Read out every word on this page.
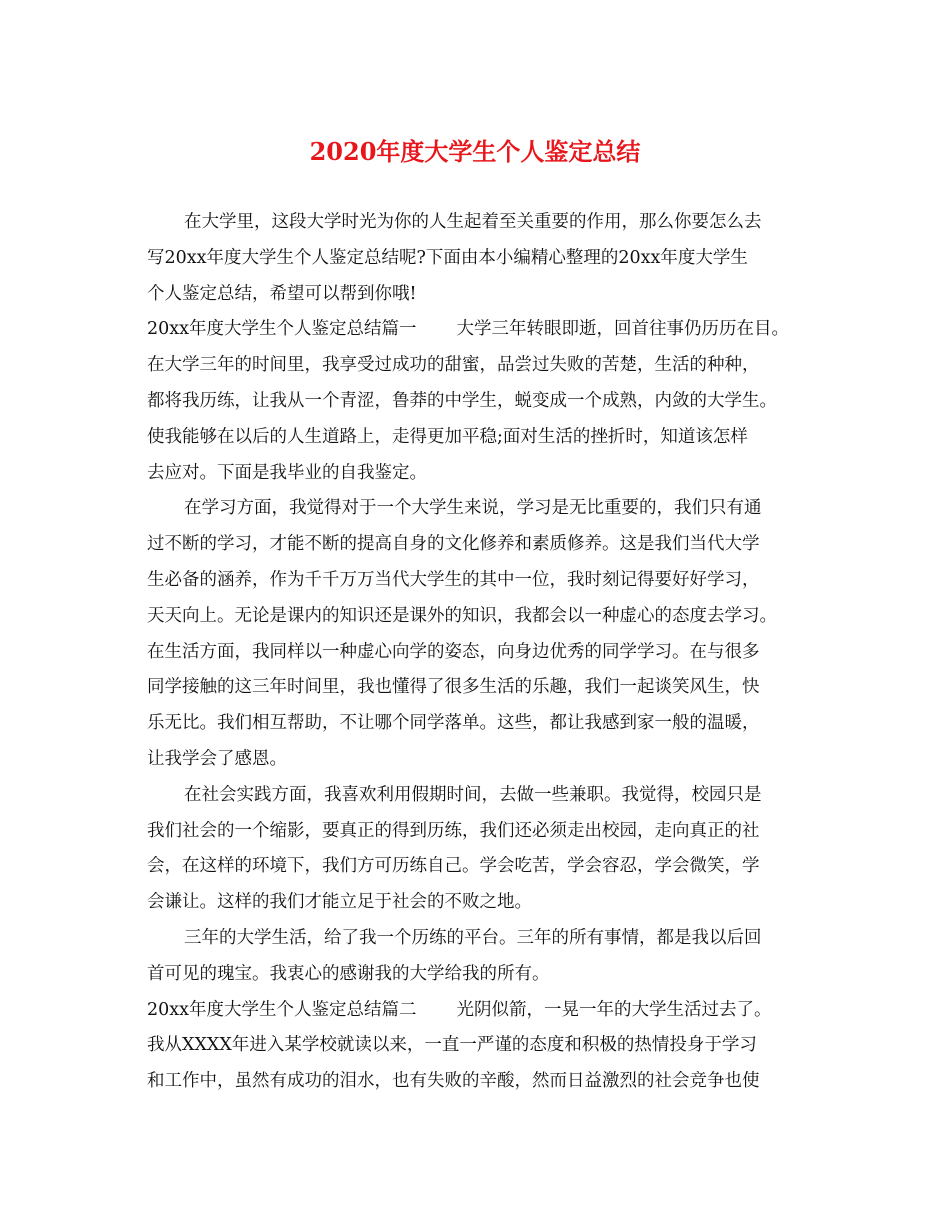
2020年度大学生个人鉴定总结
在大学里，这段大学时光为你的人生起着至关重要的作用，那么你要怎么去
写20xx年度大学生个人鉴定总结呢?下面由本小编精心整理的20xx年度大学生
个人鉴定总结，希望可以帮到你哦!
20xx年度大学生个人鉴定总结篇一 大学三年转眼即逝，回首往事仍历历在目。
在大学三年的时间里，我享受过成功的甜蜜，品尝过失败的苦楚，生活的种种，
都将我历练，让我从一个青涩，鲁莽的中学生，蜕变成一个成熟，内敛的大学生。
使我能够在以后的人生道路上，走得更加平稳;面对生活的挫折时，知道该怎样
去应对。下面是我毕业的自我鉴定。
在学习方面，我觉得对于一个大学生来说，学习是无比重要的，我们只有通
过不断的学习，才能不断的提高自身的文化修养和素质修养。这是我们当代大学
生必备的涵养，作为千千万万当代大学生的其中一位，我时刻记得要好好学习，
天天向上。无论是课内的知识还是课外的知识，我都会以一种虚心的态度去学习。
在生活方面，我同样以一种虚心向学的姿态，向身边优秀的同学学习。在与很多
同学接触的这三年时间里，我也懂得了很多生活的乐趣，我们一起谈笑风生，快
乐无比。我们相互帮助，不让哪个同学落单。这些，都让我感到家一般的温暖，
让我学会了感恩。
在社会实践方面，我喜欢利用假期时间，去做一些兼职。我觉得，校园只是
我们社会的一个缩影，要真正的得到历练，我们还必须走出校园，走向真正的社
会，在这样的环境下，我们方可历练自己。学会吃苦，学会容忍，学会微笑，学
会谦让。这样的我们才能立足于社会的不败之地。
三年的大学生活，给了我一个历练的平台。三年的所有事情，都是我以后回
首可见的瑰宝。我衷心的感谢我的大学给我的所有。
20xx年度大学生个人鉴定总结篇二 光阴似箭，一晃一年的大学生活过去了。
我从XXXX年进入某学校就读以来，一直一严谨的态度和积极的热情投身于学习
和工作中，虽然有成功的泪水，也有失败的辛酸，然而日益激烈的社会竞争也使
